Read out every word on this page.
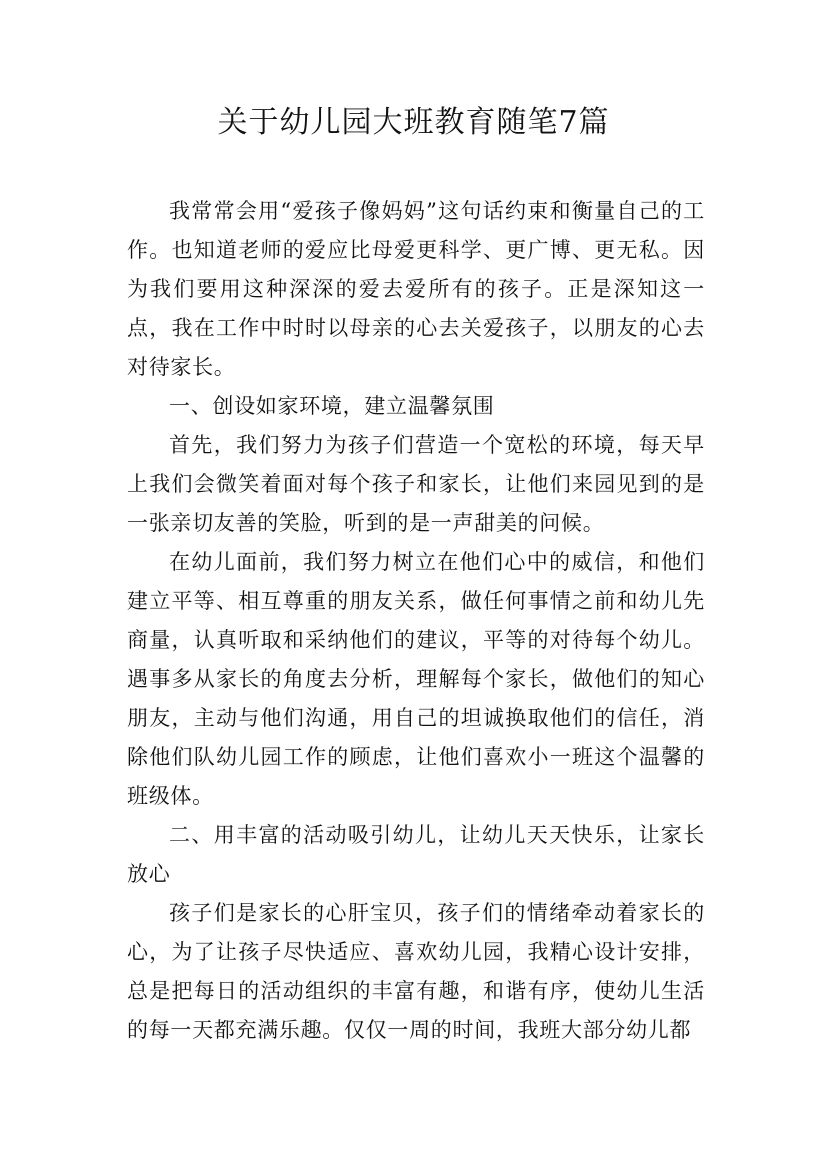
关于幼儿园大班教育随笔7篇

我常常会用“爱孩子像妈妈”这句话约束和衡量自己的工作。也知道老师的爱应比母爱更科学、更广博、更无私。因为我们要用这种深深的爱去爱所有的孩子。正是深知这一点，我在工作中时时以母亲的心去关爱孩子，以朋友的心去对待家长。

一、创设如家环境，建立温馨氛围

首先，我们努力为孩子们营造一个宽松的环境，每天早上我们会微笑着面对每个孩子和家长，让他们来园见到的是一张亲切友善的笑脸，听到的是一声甜美的问候。

在幼儿面前，我们努力树立在他们心中的威信，和他们建立平等、相互尊重的朋友关系，做任何事情之前和幼儿先商量，认真听取和采纳他们的建议，平等的对待每个幼儿。遇事多从家长的角度去分析，理解每个家长，做他们的知心朋友，主动与他们沟通，用自己的坦诚换取他们的信任，消除他们队幼儿园工作的顾虑，让他们喜欢小一班这个温馨的班级体。

二、用丰富的活动吸引幼儿，让幼儿天天快乐，让家长放心

孩子们是家长的心肝宝贝，孩子们的情绪牵动着家长的心，为了让孩子尽快适应、喜欢幼儿园，我精心设计安排，总是把每日的活动组织的丰富有趣，和谐有序，使幼儿生活的每一天都充满乐趣。仅仅一周的时间，我班大部分幼儿都
